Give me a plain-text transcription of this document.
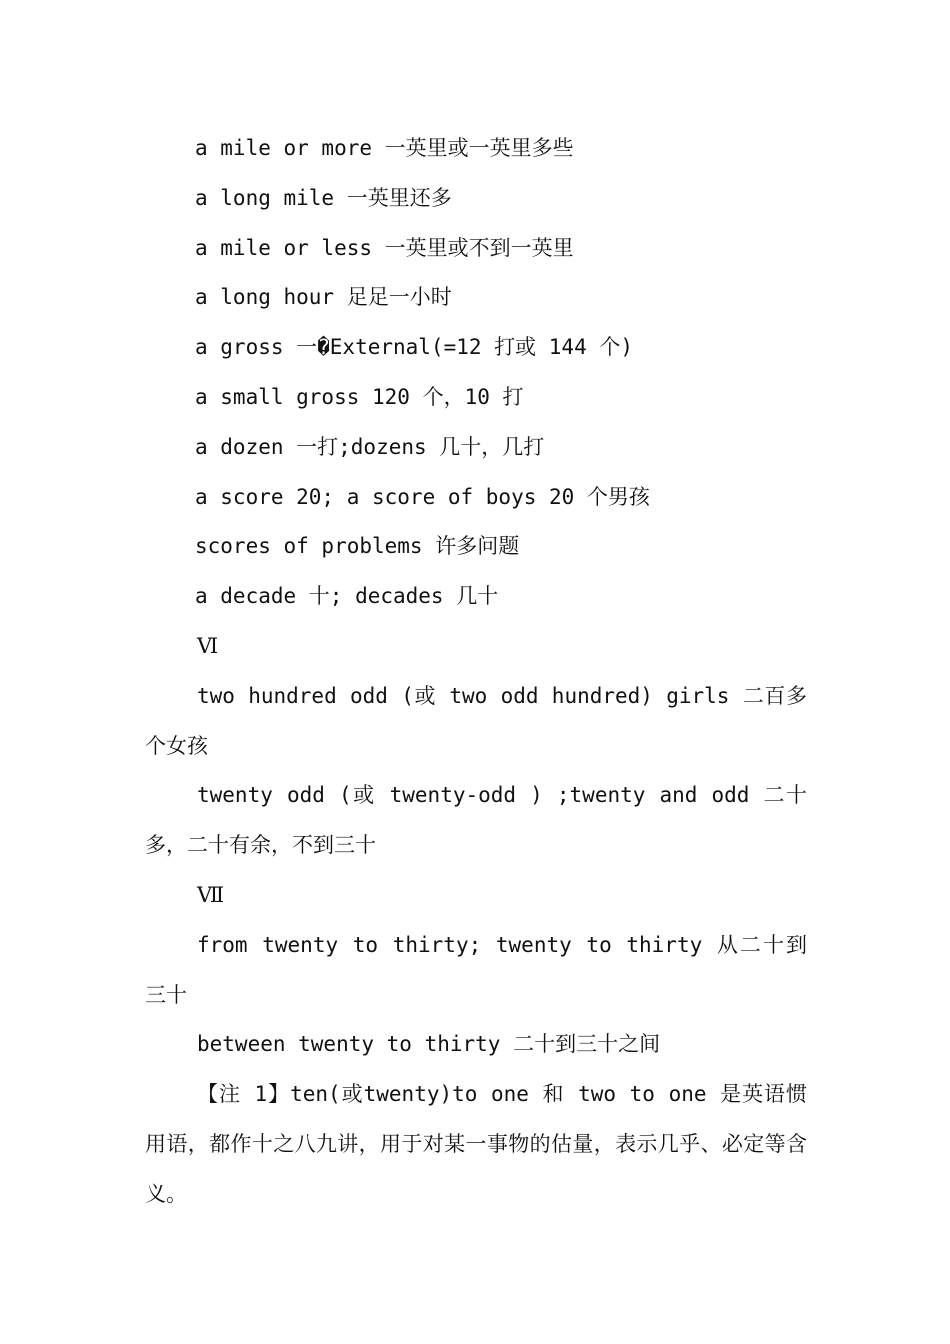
a mile or more 一英里或一英里多些

a long mile 一英里还多

a mile or less 一英里或不到一英里

a long hour 足足一小时

a gross 一�External(=12 打或 144 个)

a small gross 120 个，10 打

a dozen 一打;dozens 几十，几打

a score 20; a score of boys 20 个男孩

scores of problems 许多问题

a decade 十; decades 几十

Ⅵ

two hundred odd (或 two odd hundred) girls 二百多个女孩

twenty odd (或 twenty-odd ) ;twenty and odd 二十多，二十有余，不到三十

Ⅶ

from twenty to thirty; twenty to thirty 从二十到三十

between twenty to thirty 二十到三十之间

【注 1】ten(或twenty)to one 和 two to one 是英语惯用语，都作十之八九讲，用于对某一事物的估量，表示几乎、必定等含义。
